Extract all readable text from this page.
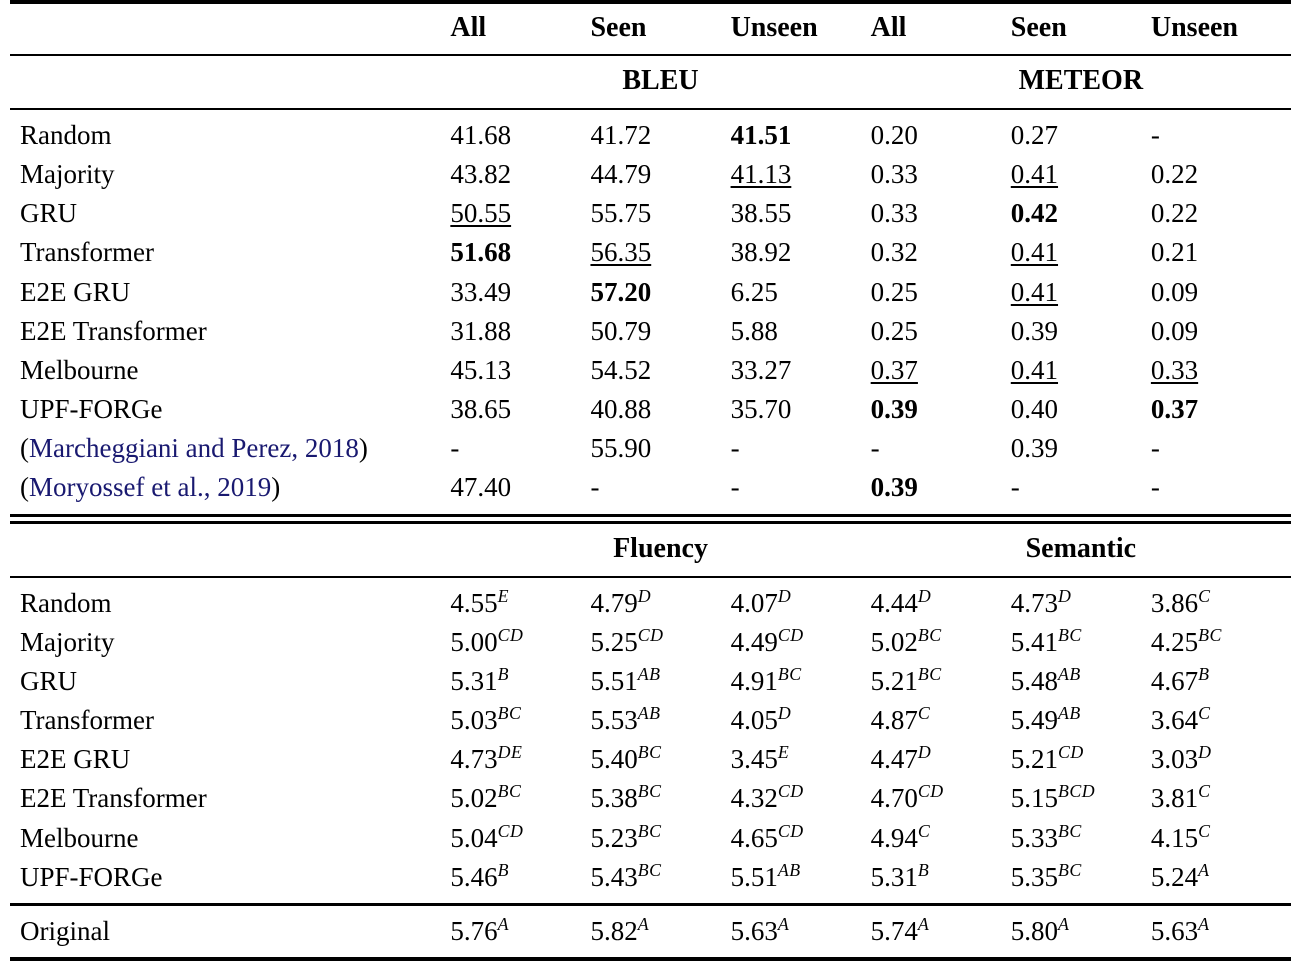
	All	Seen	Unseen	All	Seen	Unseen

	BLEU			METEOR		

Random	41.68	41.72	41.51	0.20	0.27	-
Majority	43.82	44.79	41.13	0.33	0.41	0.22
GRU	50.55	55.75	38.55	0.33	0.42	0.22
Transformer	51.68	56.35	38.92	0.32	0.41	0.21
E2E GRU	33.49	57.20	6.25	0.25	0.41	0.09
E2E Transformer	31.88	50.79	5.88	0.25	0.39	0.09
Melbourne	45.13	54.52	33.27	0.37	0.41	0.33
UPF-FORGe	38.65	40.88	35.70	0.39	0.40	0.37
(Marcheggiani and Perez, 2018)	-	55.90	-	-	0.39	-
(Moryossef et al., 2019)	47.40	-	-	0.39	-	-

	Fluency			Semantic		

Random	$4.55^E$	$4.79^D$	$4.07^D$	$4.44^D$	$4.73^D$	$3.86^C$
Majority	$5.00^{CD}$	$5.25^{CD}$	$4.49^{CD}$	$5.02^{BC}$	$5.41^{BC}$	$4.25^{BC}$
GRU	$5.31^B$	$5.51^{AB}$	$4.91^{BC}$	$5.21^{BC}$	$5.48^{AB}$	$4.67^B$
Transformer	$5.03^{BC}$	$5.53^{AB}$	$4.05^D$	$4.87^C$	$5.49^{AB}$	$3.64^C$
E2E GRU	4.73DE	$5.40^{BC}$	$3.45^E$	$4.47^D$	$5.21^{CD}$	$3.03^D$
E2E Transformer	$5.02^{BC}$	$5.38^{BC}$	$4.32^{CD}$	$4.70^{CD}$	$5.15^{BCD}$	$3.81^C$
Melbourne	$5.04^{CD}$	$5.23^{BC}$	$4.65^{CD}$	$4.94^C$	$5.33^{BC}$	$4.15^C$
UPF-FORGe	$5.46^B$	$5.43^{BC}$	$5.51^{AB}$	$5.31^B$	$5.35^{BC}$	$5.24^A$

Original	$5.76^A$	$5.82^A$	$5.63^A$	$5.74^A$	$5.80^A$	$5.63^A$
